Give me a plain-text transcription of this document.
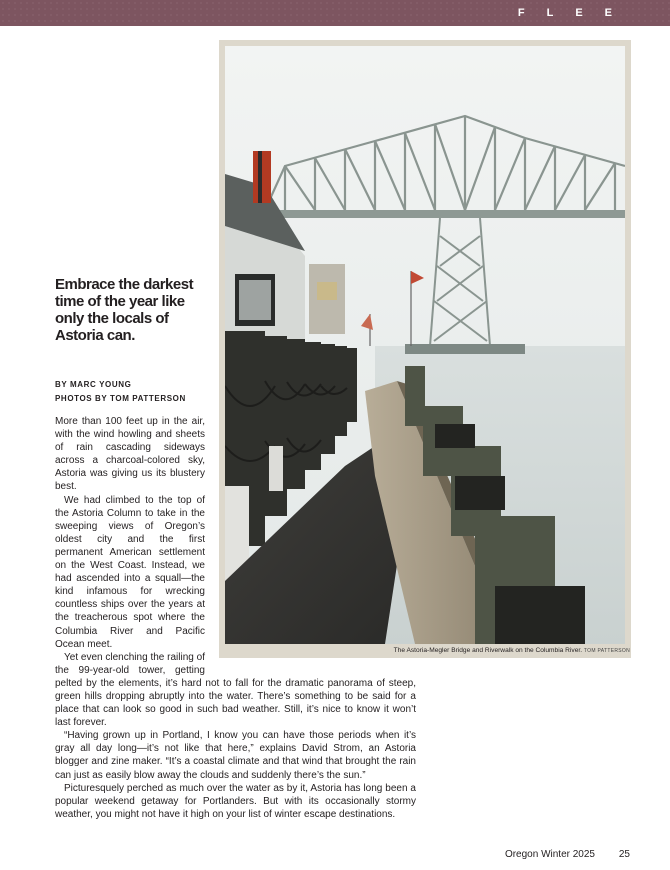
FLEE
The Astoria-Megler Bridge and Riverwalk on the Columbia River. TOM PATTERSON
Embrace the darkest time of the year like only the locals of Astoria can.
BY MARC YOUNG
PHOTOS BY TOM PATTERSON

More than 100 feet up in the air, with the wind howling and sheets of rain cascading sideways across a charcoal-colored sky, Astoria was giving us its blustery best.

We had climbed to the top of the Astoria Column to take in the sweeping views of Oregon’s oldest city and the first permanent American settlement on the West Coast. Instead, we had ascended into a squall—the kind infamous for wrecking countless ships over the years at the treacherous spot where the Columbia River and Pacific Ocean meet.

Yet even clenching the railing of the 99-year-old tower, getting pelted by the elements, it’s hard not to fall for the dramatic panorama of steep, green hills dropping abruptly into the water. There’s something to be said for a place that can look so good in such bad weather. Still, it’s nice to know it won’t last forever.

“Having grown up in Portland, I know you can have those periods when it’s gray all day long—it’s not like that here,” explains David Strom, an Astoria blogger and zine maker. “It’s a coastal climate and that wind that brought the rain can just as easily blow away the clouds and suddenly there’s the sun.”

Picturesquely perched as much over the water as by it, Astoria has long been a popular weekend getaway for Portlanders. But with its occasionally stormy weather, you might not have it high on your list of winter escape destinations.

Oregon Winter 2025 25
